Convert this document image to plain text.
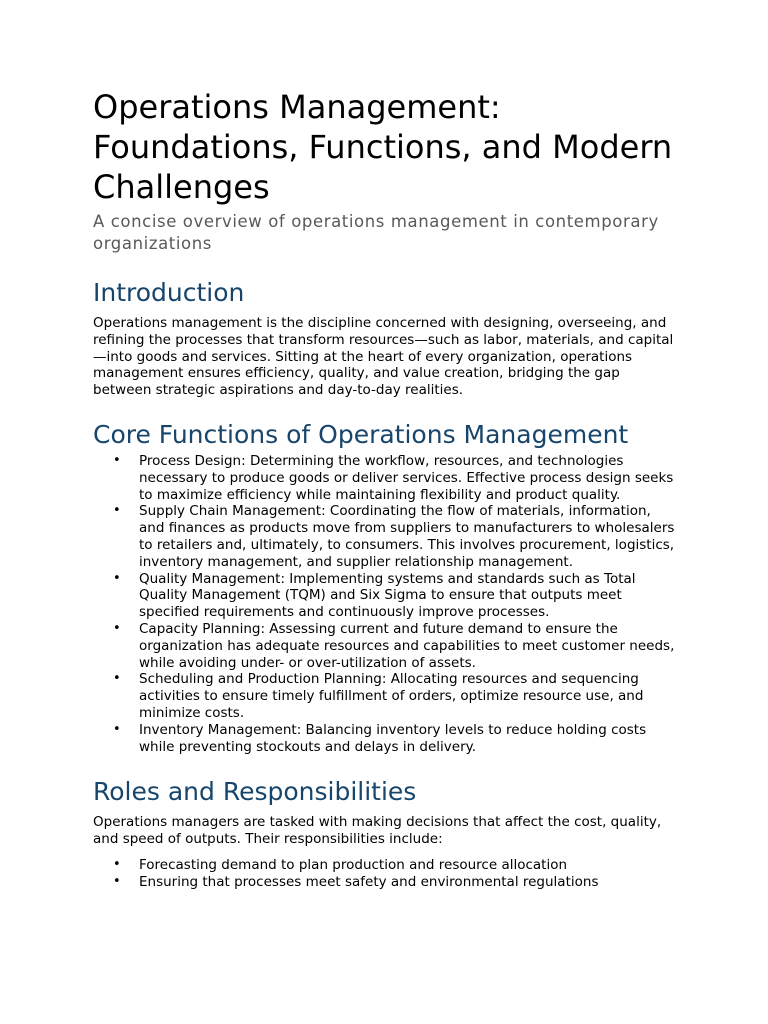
Operations Management: Foundations, Functions, and Modern Challenges
A concise overview of operations management in contemporary organizations
Introduction

Operations management is the discipline concerned with designing, overseeing, and refining the processes that transform resources—such as labor, materials, and capital—into goods and services. Sitting at the heart of every organization, operations management ensures efficiency, quality, and value creation, bridging the gap between strategic aspirations and day-to-day realities.

Core Functions of Operations Management
• Process Design: Determining the workflow, resources, and technologies necessary to produce goods or deliver services. Effective process design seeks to maximize efficiency while maintaining flexibility and product quality.
• Supply Chain Management: Coordinating the flow of materials, information, and finances as products move from suppliers to manufacturers to wholesalers to retailers and, ultimately, to consumers. This involves procurement, logistics, inventory management, and supplier relationship management.
• Quality Management: Implementing systems and standards such as Total Quality Management (TQM) and Six Sigma to ensure that outputs meet specified requirements and continuously improve processes.
• Capacity Planning: Assessing current and future demand to ensure the organization has adequate resources and capabilities to meet customer needs, while avoiding under- or over-utilization of assets.
• Scheduling and Production Planning: Allocating resources and sequencing activities to ensure timely fulfillment of orders, optimize resource use, and minimize costs.
• Inventory Management: Balancing inventory levels to reduce holding costs while preventing stockouts and delays in delivery.
Roles and Responsibilities

Operations managers are tasked with making decisions that affect the cost, quality, and speed of outputs. Their responsibilities include:

• Forecasting demand to plan production and resource allocation
• Ensuring that processes meet safety and environmental regulations
